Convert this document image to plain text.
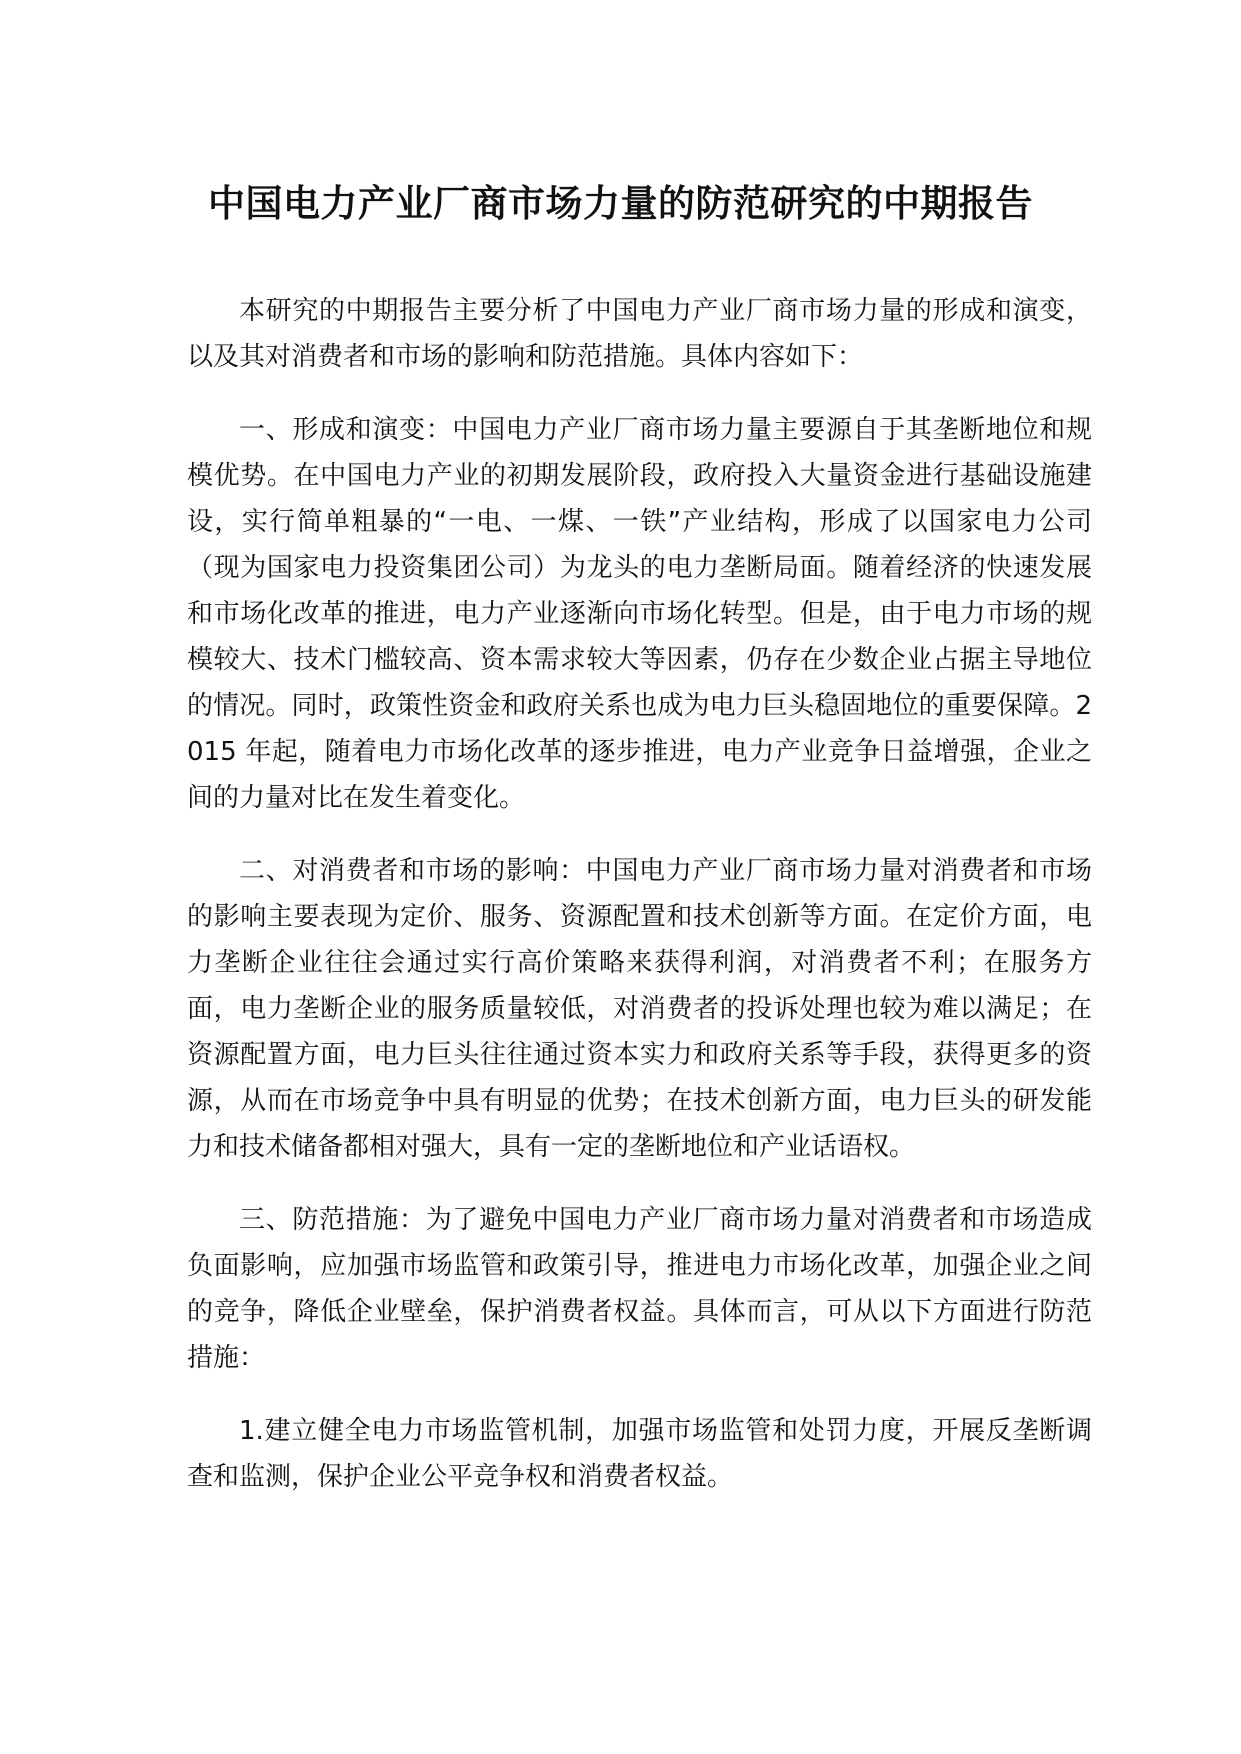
中国电力产业厂商市场力量的防范研究的中期报告

本研究的中期报告主要分析了中国电力产业厂商市场力量的形成和演变，以及其对消费者和市场的影响和防范措施。具体内容如下：

一、形成和演变：中国电力产业厂商市场力量主要源自于其垄断地位和规模优势。在中国电力产业的初期发展阶段，政府投入大量资金进行基础设施建设，实行简单粗暴的“一电、一煤、一铁”产业结构，形成了以国家电力公司（现为国家电力投资集团公司）为龙头的电力垄断局面。随着经济的快速发展和市场化改革的推进，电力产业逐渐向市场化转型。但是，由于电力市场的规模较大、技术门槛较高、资本需求较大等因素，仍存在少数企业占据主导地位的情况。同时，政策性资金和政府关系也成为电力巨头稳固地位的重要保障。2015 年起，随着电力市场化改革的逐步推进，电力产业竞争日益增强，企业之间的力量对比在发生着变化。

二、对消费者和市场的影响：中国电力产业厂商市场力量对消费者和市场的影响主要表现为定价、服务、资源配置和技术创新等方面。在定价方面，电力垄断企业往往会通过实行高价策略来获得利润，对消费者不利；在服务方面，电力垄断企业的服务质量较低，对消费者的投诉处理也较为难以满足；在资源配置方面，电力巨头往往通过资本实力和政府关系等手段，获得更多的资源，从而在市场竞争中具有明显的优势；在技术创新方面，电力巨头的研发能力和技术储备都相对强大，具有一定的垄断地位和产业话语权。

三、防范措施：为了避免中国电力产业厂商市场力量对消费者和市场造成负面影响，应加强市场监管和政策引导，推进电力市场化改革，加强企业之间的竞争，降低企业壁垒，保护消费者权益。具体而言，可从以下方面进行防范措施：

1.建立健全电力市场监管机制，加强市场监管和处罚力度，开展反垄断调查和监测，保护企业公平竞争权和消费者权益。
